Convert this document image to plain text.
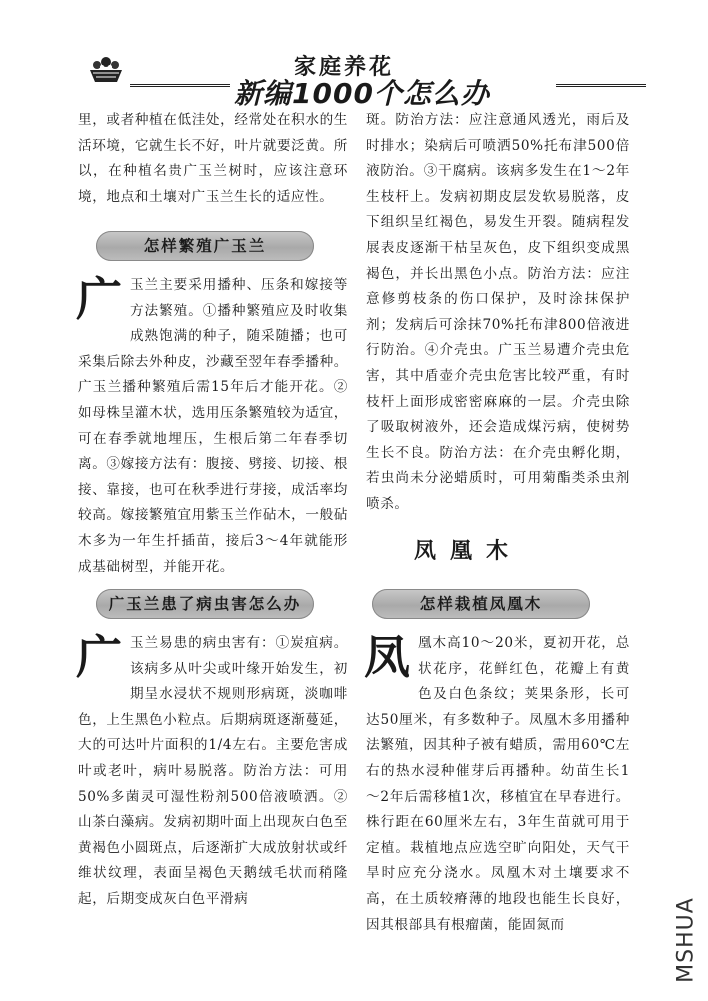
家庭养花
新编1000个怎么办

里，或者种植在低洼处，经常处在积水的生活环境，它就生长不好，叶片就要泛黄。所以，在种植名贵广玉兰树时，应该注意环境，地点和土壤对广玉兰生长的适应性。

怎样繁殖广玉兰
广 玉兰主要采用播种、压条和嫁接等方法繁殖。①播种繁殖应及时收集成熟饱满的种子，随采随播；也可采集后除去外种皮，沙藏至翌年春季播种。广玉兰播种繁殖后需15年后才能开花。②如母株呈灌木状，选用压条繁殖较为适宜，可在春季就地埋压，生根后第二年春季切离。③嫁接方法有：腹接、劈接、切接、根接、靠接，也可在秋季进行芽接，成活率均较高。嫁接繁殖宜用紫玉兰作砧木，一般砧木多为一年生扦插苗，接后3～4年就能形成基础树型，并能开花。

广玉兰患了病虫害怎么办
广 玉兰易患的病虫害有：①炭疽病。该病多从叶尖或叶缘开始发生，初期呈水浸状不规则形病斑，淡咖啡色，上生黑色小粒点。后期病斑逐渐蔓延，大的可达叶片面积的1/4左右。主要危害成叶或老叶，病叶易脱落。防治方法：可用50%多菌灵可湿性粉剂500倍液喷洒。②山茶白藻病。发病初期叶面上出现灰白色至黄褐色小圆斑点，后逐渐扩大成放射状或纤维状纹理，表面呈褐色天鹅绒毛状而稍隆起，后期变成灰白色平滑病

斑。防治方法：应注意通风透光，雨后及时排水；染病后可喷洒50%托布津500倍液防治。③干腐病。该病多发生在1～2年生枝杆上。发病初期皮层发软易脱落，皮下组织呈红褐色，易发生开裂。随病程发展表皮逐渐干枯呈灰色，皮下组织变成黑褐色，并长出黑色小点。防治方法：应注意修剪枝条的伤口保护，及时涂抹保护剂；发病后可涂抹70%托布津800倍液进行防治。④介壳虫。广玉兰易遭介壳虫危害，其中盾壶介壳虫危害比较严重，有时枝杆上面形成密密麻麻的一层。介壳虫除了吸取树液外，还会造成煤污病，使树势生长不良。防治方法：在介壳虫孵化期，若虫尚未分泌蜡质时，可用菊酯类杀虫剂喷杀。

凤凰木
怎样栽植凤凰木
凤 凰木高10～20米，夏初开花，总状花序，花鲜红色，花瓣上有黄色及白色条纹；荚果条形，长可达50厘米，有多数种子。凤凰木多用播种法繁殖，因其种子被有蜡质，需用60℃左右的热水浸种催芽后再播种。幼苗生长1～2年后需移植1次，移植宜在早春进行。株行距在60厘米左右，3年生苗就可用于定植。栽植地点应选空旷向阳处，天气干旱时应充分浇水。凤凰木对土壤要求不高，在土质较瘠薄的地段也能生长良好，因其根部具有根瘤菌，能固氮而	MSHUA
